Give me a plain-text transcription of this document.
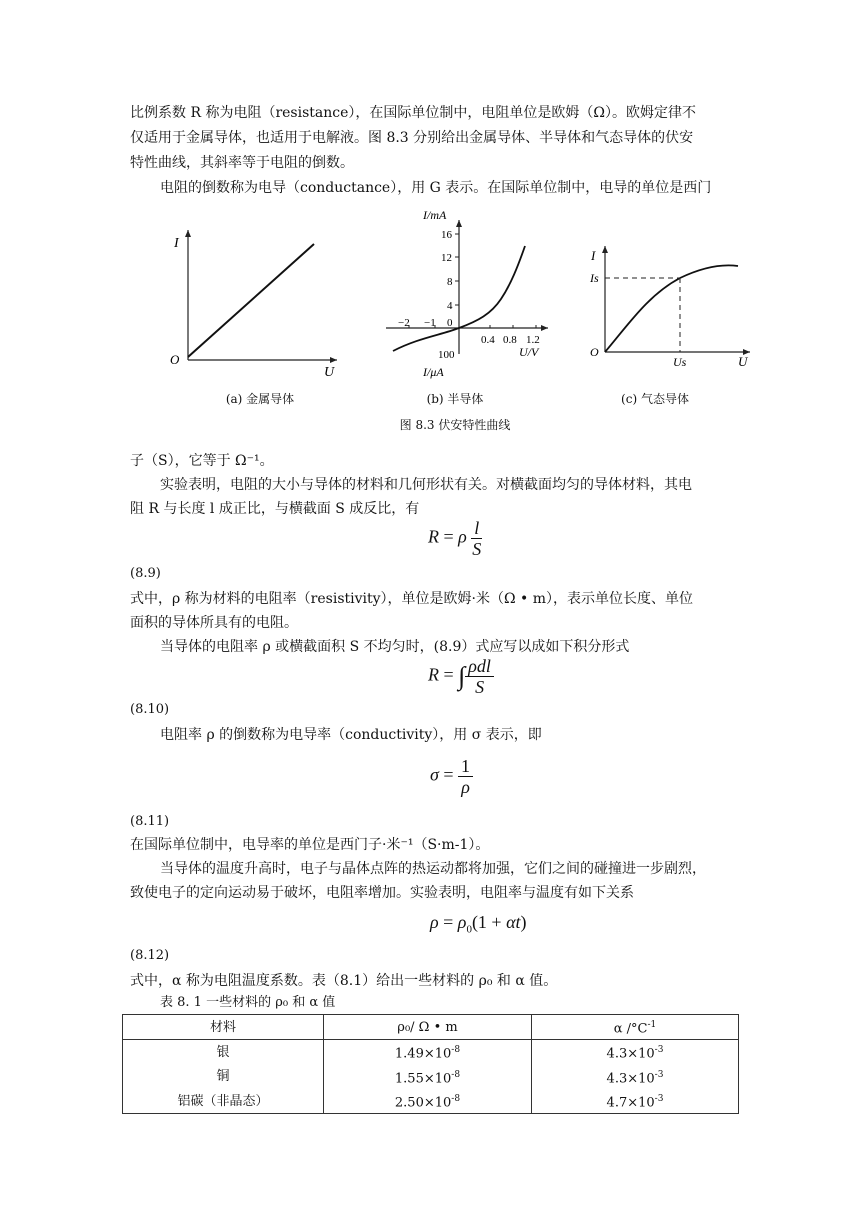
比例系数 R 称为电阻（resistance），在国际单位制中，电阻单位是欧姆（Ω）。欧姆定律不
仅适用于金属导体，也适用于电解液。图 8.3 分别给出金属导体、半导体和气态导体的伏安
特性曲线，其斜率等于电阻的倒数。
电阻的倒数称为电导（conductance），用 G 表示。在国际单位制中，电导的单位是西门
I
U
O
I/mA
16
12
8
4
0
−2 −1
0.4 0.8 1.2
U/V
100
I/μA
I
U
O
Is
Us
(a) 金属导体	(b) 半导体	(c) 气态导体
图 8.3 伏安特性曲线
子（S），它等于 Ω⁻¹。
实验表明，电阻的大小与导体的材料和几何形状有关。对横截面均匀的导体材料，其电
阻 R 与长度 l 成正比，与横截面 S 成反比，有
R = ρ $\frac{l}{S}$
(8.9)
式中，ρ 称为材料的电阻率（resistivity），单位是欧姆·米（Ω • m），表示单位长度、单位
面积的导体所具有的电阻。
当导体的电阻率 ρ 或横截面积 S 不均匀时，(8.9）式应写以成如下积分形式
R = ∫ $\frac{\text{ρdl}}{S}$
(8.10)
电阻率 ρ 的倒数称为电导率（conductivity），用 σ 表示，即
$\sigma = \frac{1}{\rho}$
(8.11)
在国际单位制中，电导率的单位是西门子·米⁻¹（S·m-1）。
当导体的温度升高时，电子与晶体点阵的热运动都将加强，它们之间的碰撞进一步剧烈，
致使电子的定向运动易于破坏，电阻率增加。实验表明，电阻率与温度有如下关系
$\rho = \rho_0(1 + \alpha t)$
(8.12)
式中，α 称为电阻温度系数。表（8.1）给出一些材料的 ρ₀ 和 α 值。
表 8. 1 一些材料的 ρ₀ 和 α 值
材料	ρ₀/ Ω • m	α $/^\circ C^{-1}$
银	$1.49\times 10^{-8}$	$4.3\times 10^{-3}$
铜	$1.55\times 10^{-8}$	$4.3\times 10^{-3}$
铝碳（非晶态）	$2.50\times 10^{-8}$	$4.7\times 10^{-3}$
